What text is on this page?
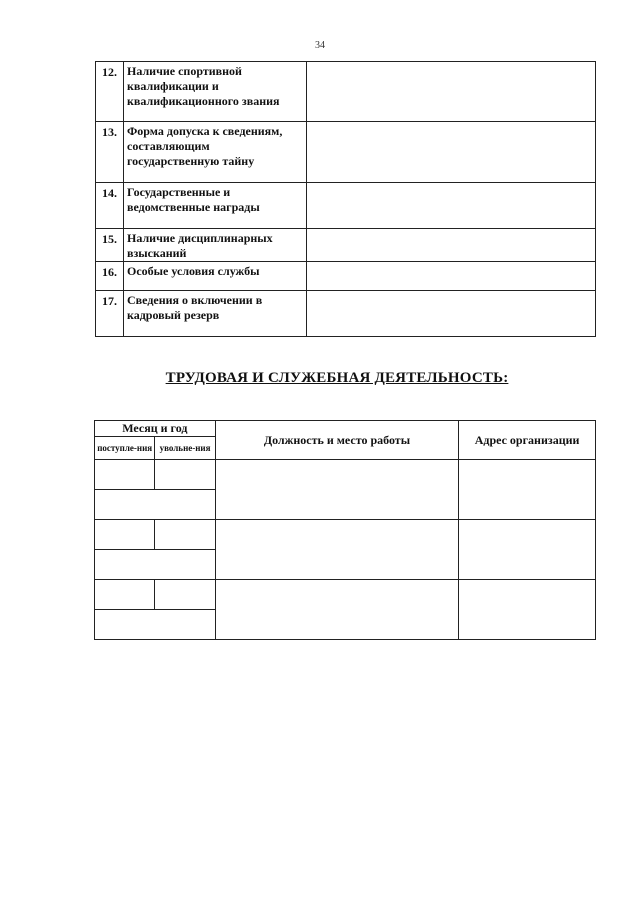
34
12.	Наличие спортивной квалификации и квалификационного звания	
13.	Форма допуска к сведениям, составляющим государственную тайну	
14.	Государственные и ведомственные награды	
15.	Наличие дисциплинарных взысканий	
16.	Особые условия службы	
17.	Сведения о включении в кадровый резерв	
ТРУДОВАЯ И СЛУЖЕБНАЯ ДЕЯТЕЛЬНОСТЬ:
Месяц и год		Должность и место работы	Адрес организации
поступле-ния	увольне-ния		
